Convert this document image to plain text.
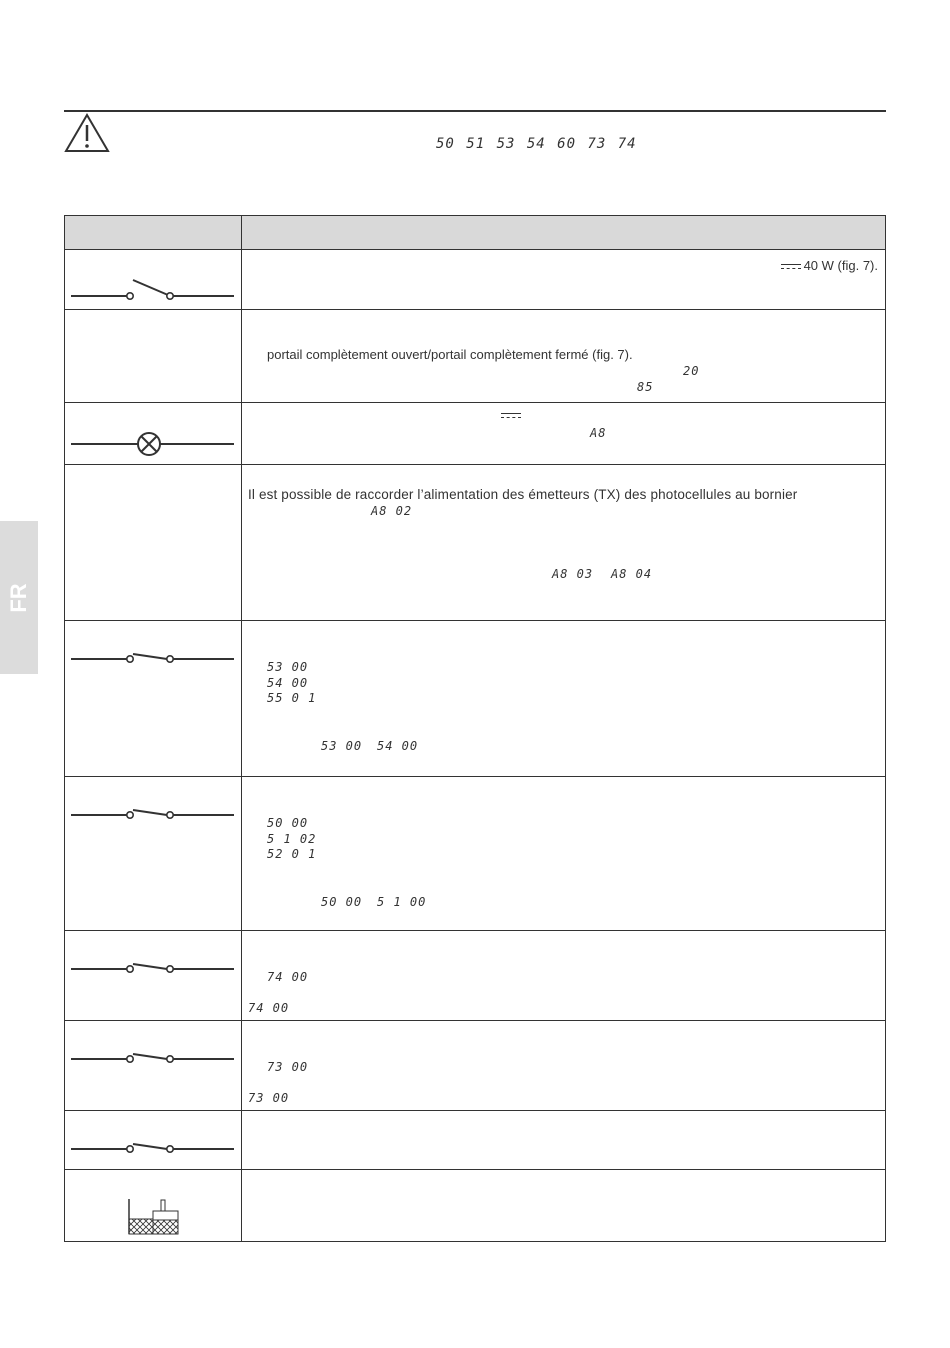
50 51 53 54 60 73 74
FR

40 W (fig. 7).

	portail complètement ouvert/portail complètement fermé (fig. 7).
20
85

A8

	Il est possible de raccorder l’alimentation des émetteurs (TX) des photocellules au bornier
A8 02
A8 03 A8 04

53 00
54 00
55 0 1
53 00 54 00

50 00
5 1 02
52 0 1
50 00 5 1 00

74 00
74 00

73 00
73 00
